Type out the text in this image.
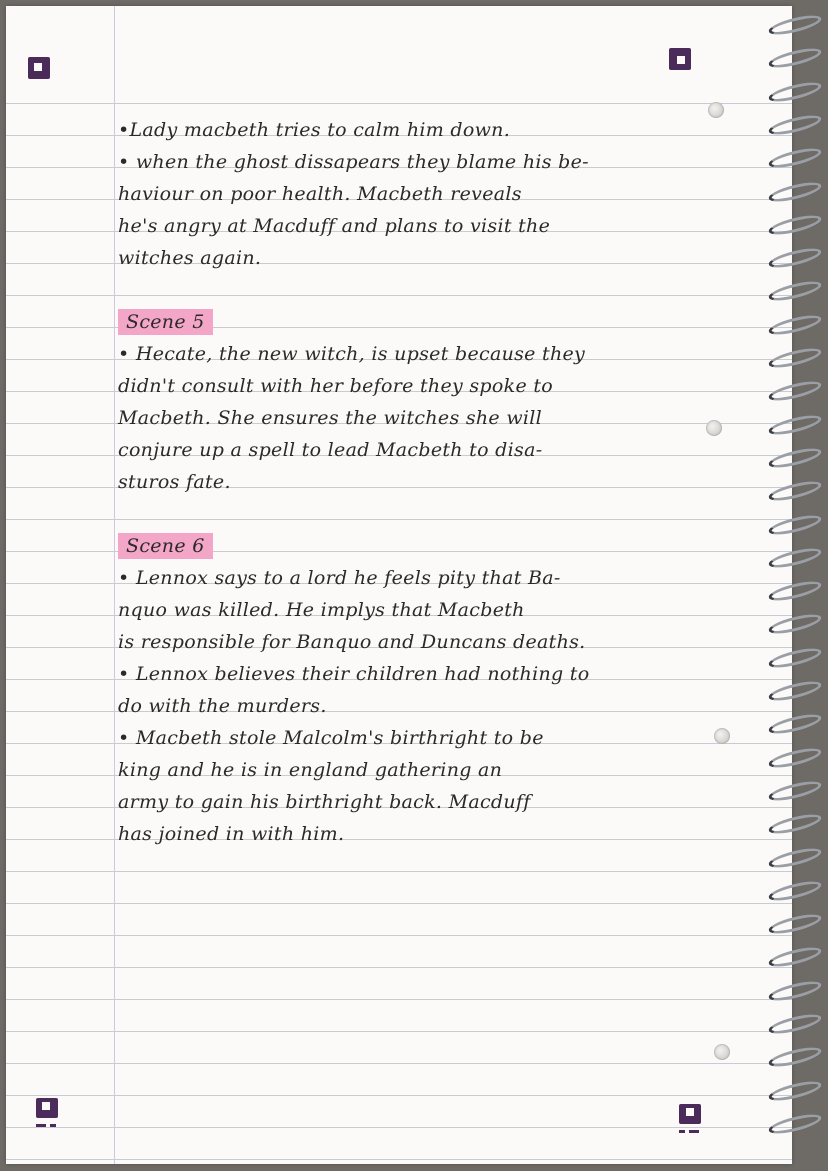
•Lady macbeth tries to calm him down.
• when the ghost dissapears they blame his be-
haviour on poor health. Macbeth reveals
he's angry at Macduff and plans to visit the
witches again.
Scene 5
• Hecate, the new witch, is upset because they
didn't consult with her before they spoke to
Macbeth. She ensures the witches she will
conjure up a spell to lead Macbeth to disa-
sturos fate.
Scene 6
• Lennox says to a lord he feels pity that Ba-
nquo was killed. He implys that Macbeth
is responsible for Banquo and Duncans deaths.
• Lennox believes their children had nothing to
do with the murders.
• Macbeth stole Malcolm's birthright to be
king and he is in england gathering an
army to gain his birthright back. Macduff
has joined in with him.
